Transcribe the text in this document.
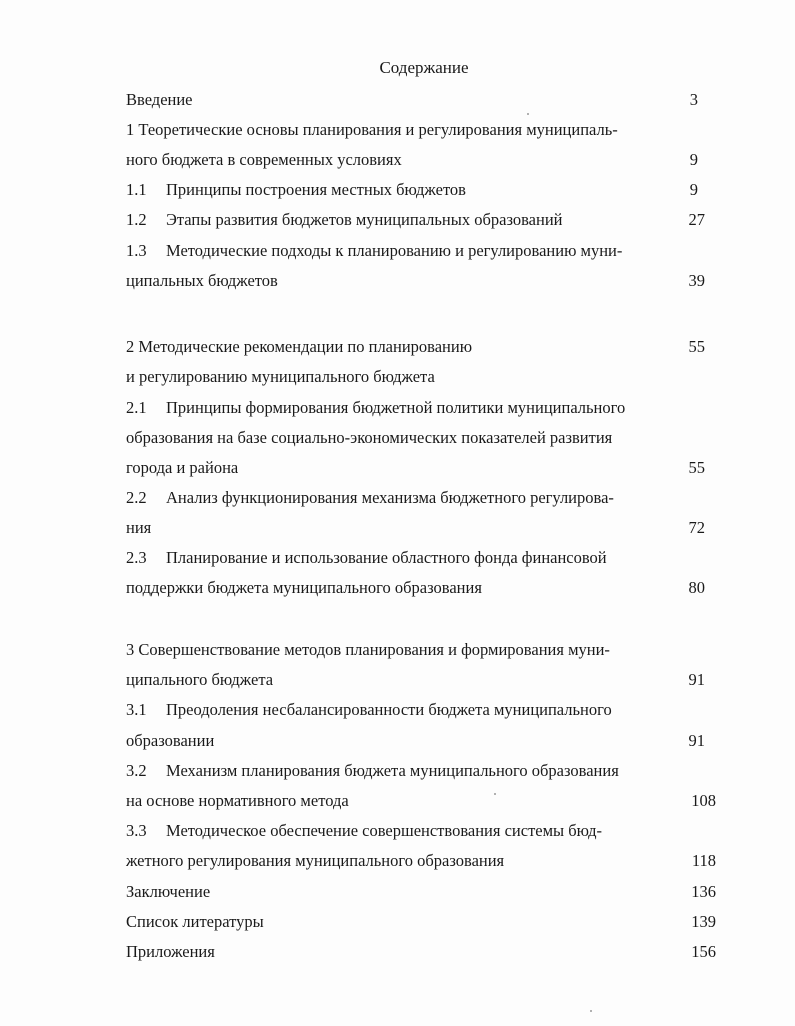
Содержание
Введение	3
1 Теоретические основы планирования и регулирования муниципаль-
ного бюджета в современных условиях	9
1.1 Принципы построения местных бюджетов	9
1.2 Этапы развития бюджетов муниципальных образований	27
1.3 Методические подходы к планированию и регулированию муни-
ципальных бюджетов	39
2 Методические рекомендации по планированию	55
и регулированию муниципального бюджета
2.1 Принципы формирования бюджетной политики муниципального
образования на базе социально-экономических показателей развития
города и района	55
2.2 Анализ функционирования механизма бюджетного регулирова-
ния	72
2.3 Планирование и использование областного фонда финансовой
поддержки бюджета муниципального образования	80
3 Совершенствование методов планирования и формирования муни-
ципального бюджета	91
3.1 Преодоления несбалансированности бюджета муниципального
образовании	91
3.2 Механизм планирования бюджета муниципального образования
на основе нормативного метода	108
3.3 Методическое обеспечение совершенствования системы бюд-
жетного регулирования муниципального образования	118
Заключение	136
Список литературы	139
Приложения	156
